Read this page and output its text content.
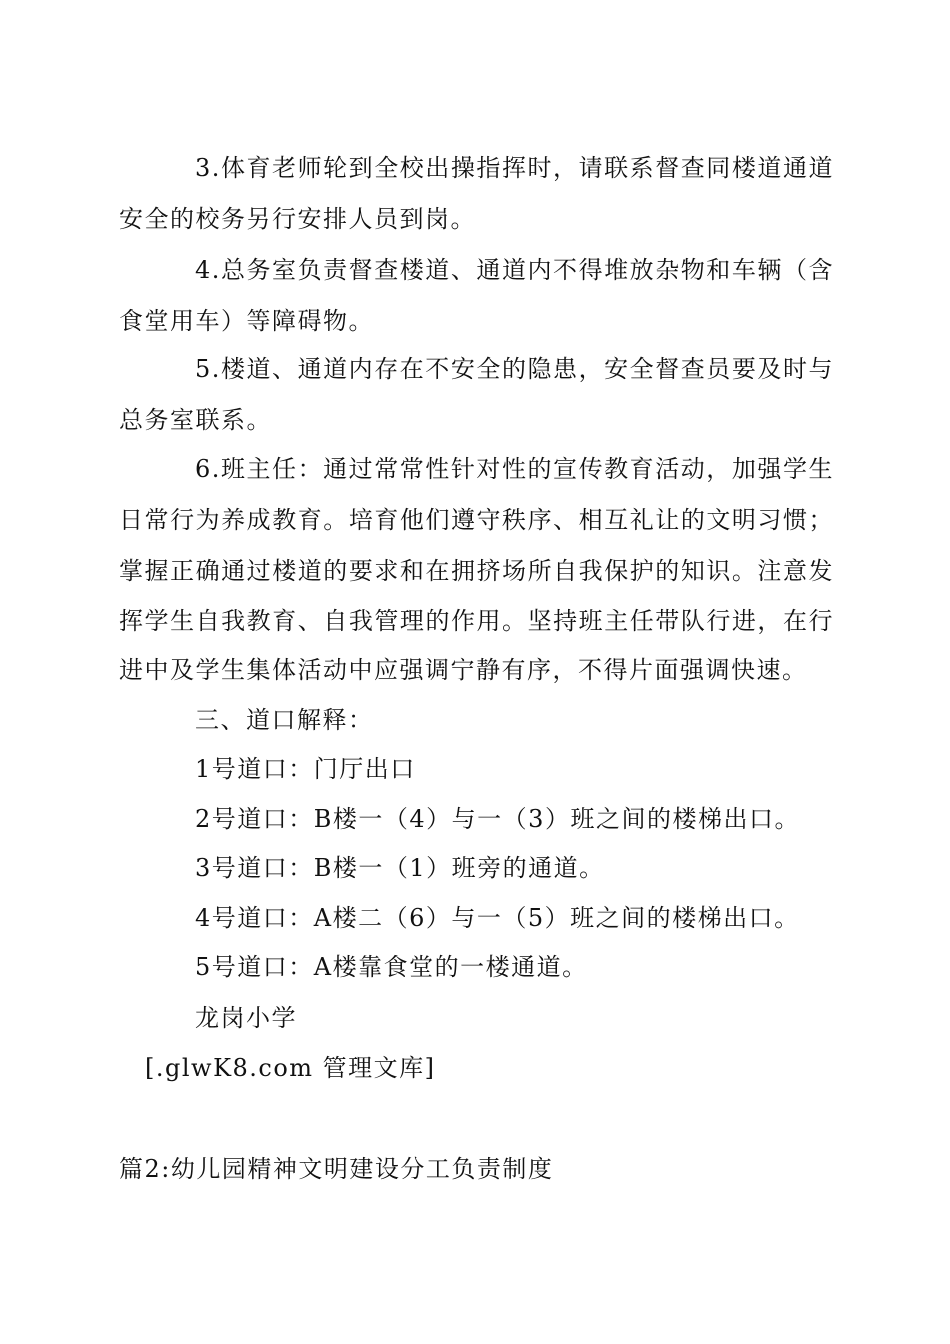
3.体育老师轮到全校出操指挥时，请联系督查同楼道通道
安全的校务另行安排人员到岗。
4.总务室负责督查楼道、通道内不得堆放杂物和车辆（含
食堂用车）等障碍物。
5.楼道、通道内存在不安全的隐患，安全督查员要及时与
总务室联系。
6.班主任：通过常常性针对性的宣传教育活动，加强学生
日常行为养成教育。培育他们遵守秩序、相互礼让的文明习惯；
掌握正确通过楼道的要求和在拥挤场所自我保护的知识。注意发
挥学生自我教育、自我管理的作用。坚持班主任带队行进，在行
进中及学生集体活动中应强调宁静有序，不得片面强调快速。
三、道口解释：
1号道口：门厅出口
2号道口：B楼一（4）与一（3）班之间的楼梯出口。
3号道口：B楼一（1）班旁的通道。
4号道口：A楼二（6）与一（5）班之间的楼梯出口。
5号道口：A楼靠食堂的一楼通道。
龙岗小学
[.glwK8.com 管理文库]
篇2:幼儿园精神文明建设分工负责制度
